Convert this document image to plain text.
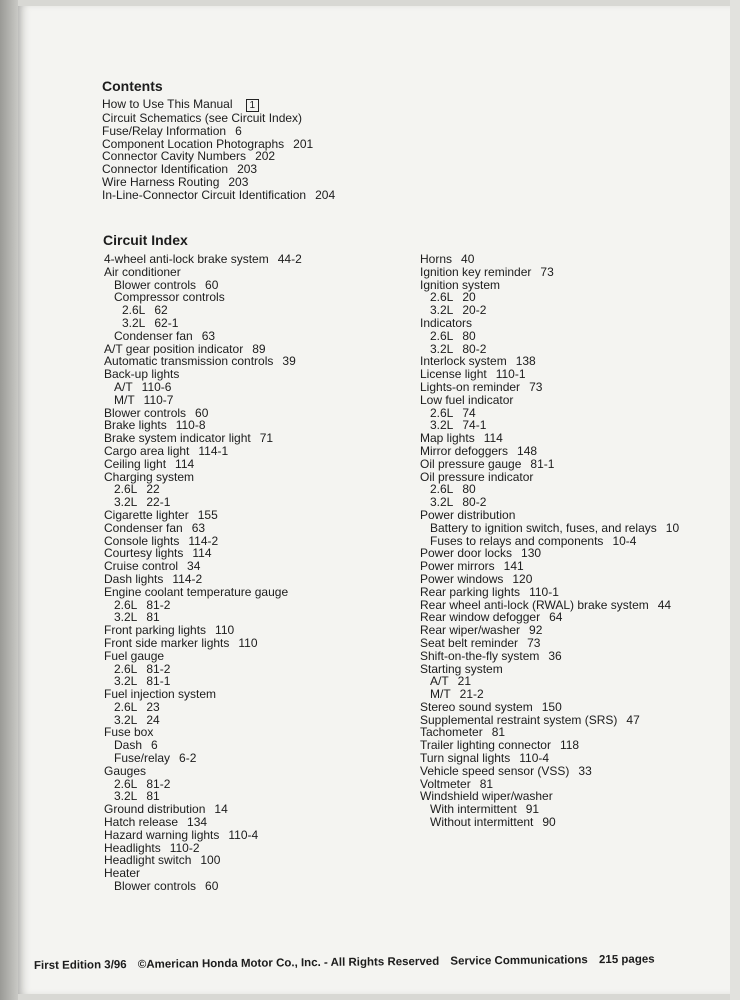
Contents
How to Use This Manual 1
Circuit Schematics (see Circuit Index)
Fuse/Relay Information 6
Component Location Photographs 201
Connector Cavity Numbers 202
Connector Identification 203
Wire Harness Routing 203
In-Line-Connector Circuit Identification 204
Circuit Index
4-wheel anti-lock brake system 44-2
Air conditioner
Blower controls 60
Compressor controls
2.6L 62
3.2L 62-1
Condenser fan 63
A/T gear position indicator 89
Automatic transmission controls 39
Back-up lights
A/T 110-6
M/T 110-7
Blower controls 60
Brake lights 110-8
Brake system indicator light 71
Cargo area light 114-1
Ceiling light 114
Charging system
2.6L 22
3.2L 22-1
Cigarette lighter 155
Condenser fan 63
Console lights 114-2
Courtesy lights 114
Cruise control 34
Dash lights 114-2
Engine coolant temperature gauge
2.6L 81-2
3.2L 81
Front parking lights 110
Front side marker lights 110
Fuel gauge
2.6L 81-2
3.2L 81-1
Fuel injection system
2.6L 23
3.2L 24
Fuse box
Dash 6
Fuse/relay 6-2
Gauges
2.6L 81-2
3.2L 81
Ground distribution 14
Hatch release 134
Hazard warning lights 110-4
Headlights 110-2
Headlight switch 100
Heater
Blower controls 60
Horns 40
Ignition key reminder 73
Ignition system
2.6L 20
3.2L 20-2
Indicators
2.6L 80
3.2L 80-2
Interlock system 138
License light 110-1
Lights-on reminder 73
Low fuel indicator
2.6L 74
3.2L 74-1
Map lights 114
Mirror defoggers 148
Oil pressure gauge 81-1
Oil pressure indicator
2.6L 80
3.2L 80-2
Power distribution
Battery to ignition switch, fuses, and relays 10
Fuses to relays and components 10-4
Power door locks 130
Power mirrors 141
Power windows 120
Rear parking lights 110-1
Rear wheel anti-lock (RWAL) brake system 44
Rear window defogger 64
Rear wiper/washer 92
Seat belt reminder 73
Shift-on-the-fly system 36
Starting system
A/T 21
M/T 21-2
Stereo sound system 150
Supplemental restraint system (SRS) 47
Tachometer 81
Trailer lighting connector 118
Turn signal lights 110-4
Vehicle speed sensor (VSS) 33
Voltmeter 81
Windshield wiper/washer
With intermittent 91
Without intermittent 90
First Edition 3/96 ©American Honda Motor Co., Inc. - All Rights Reserved Service Communications 215 pages
